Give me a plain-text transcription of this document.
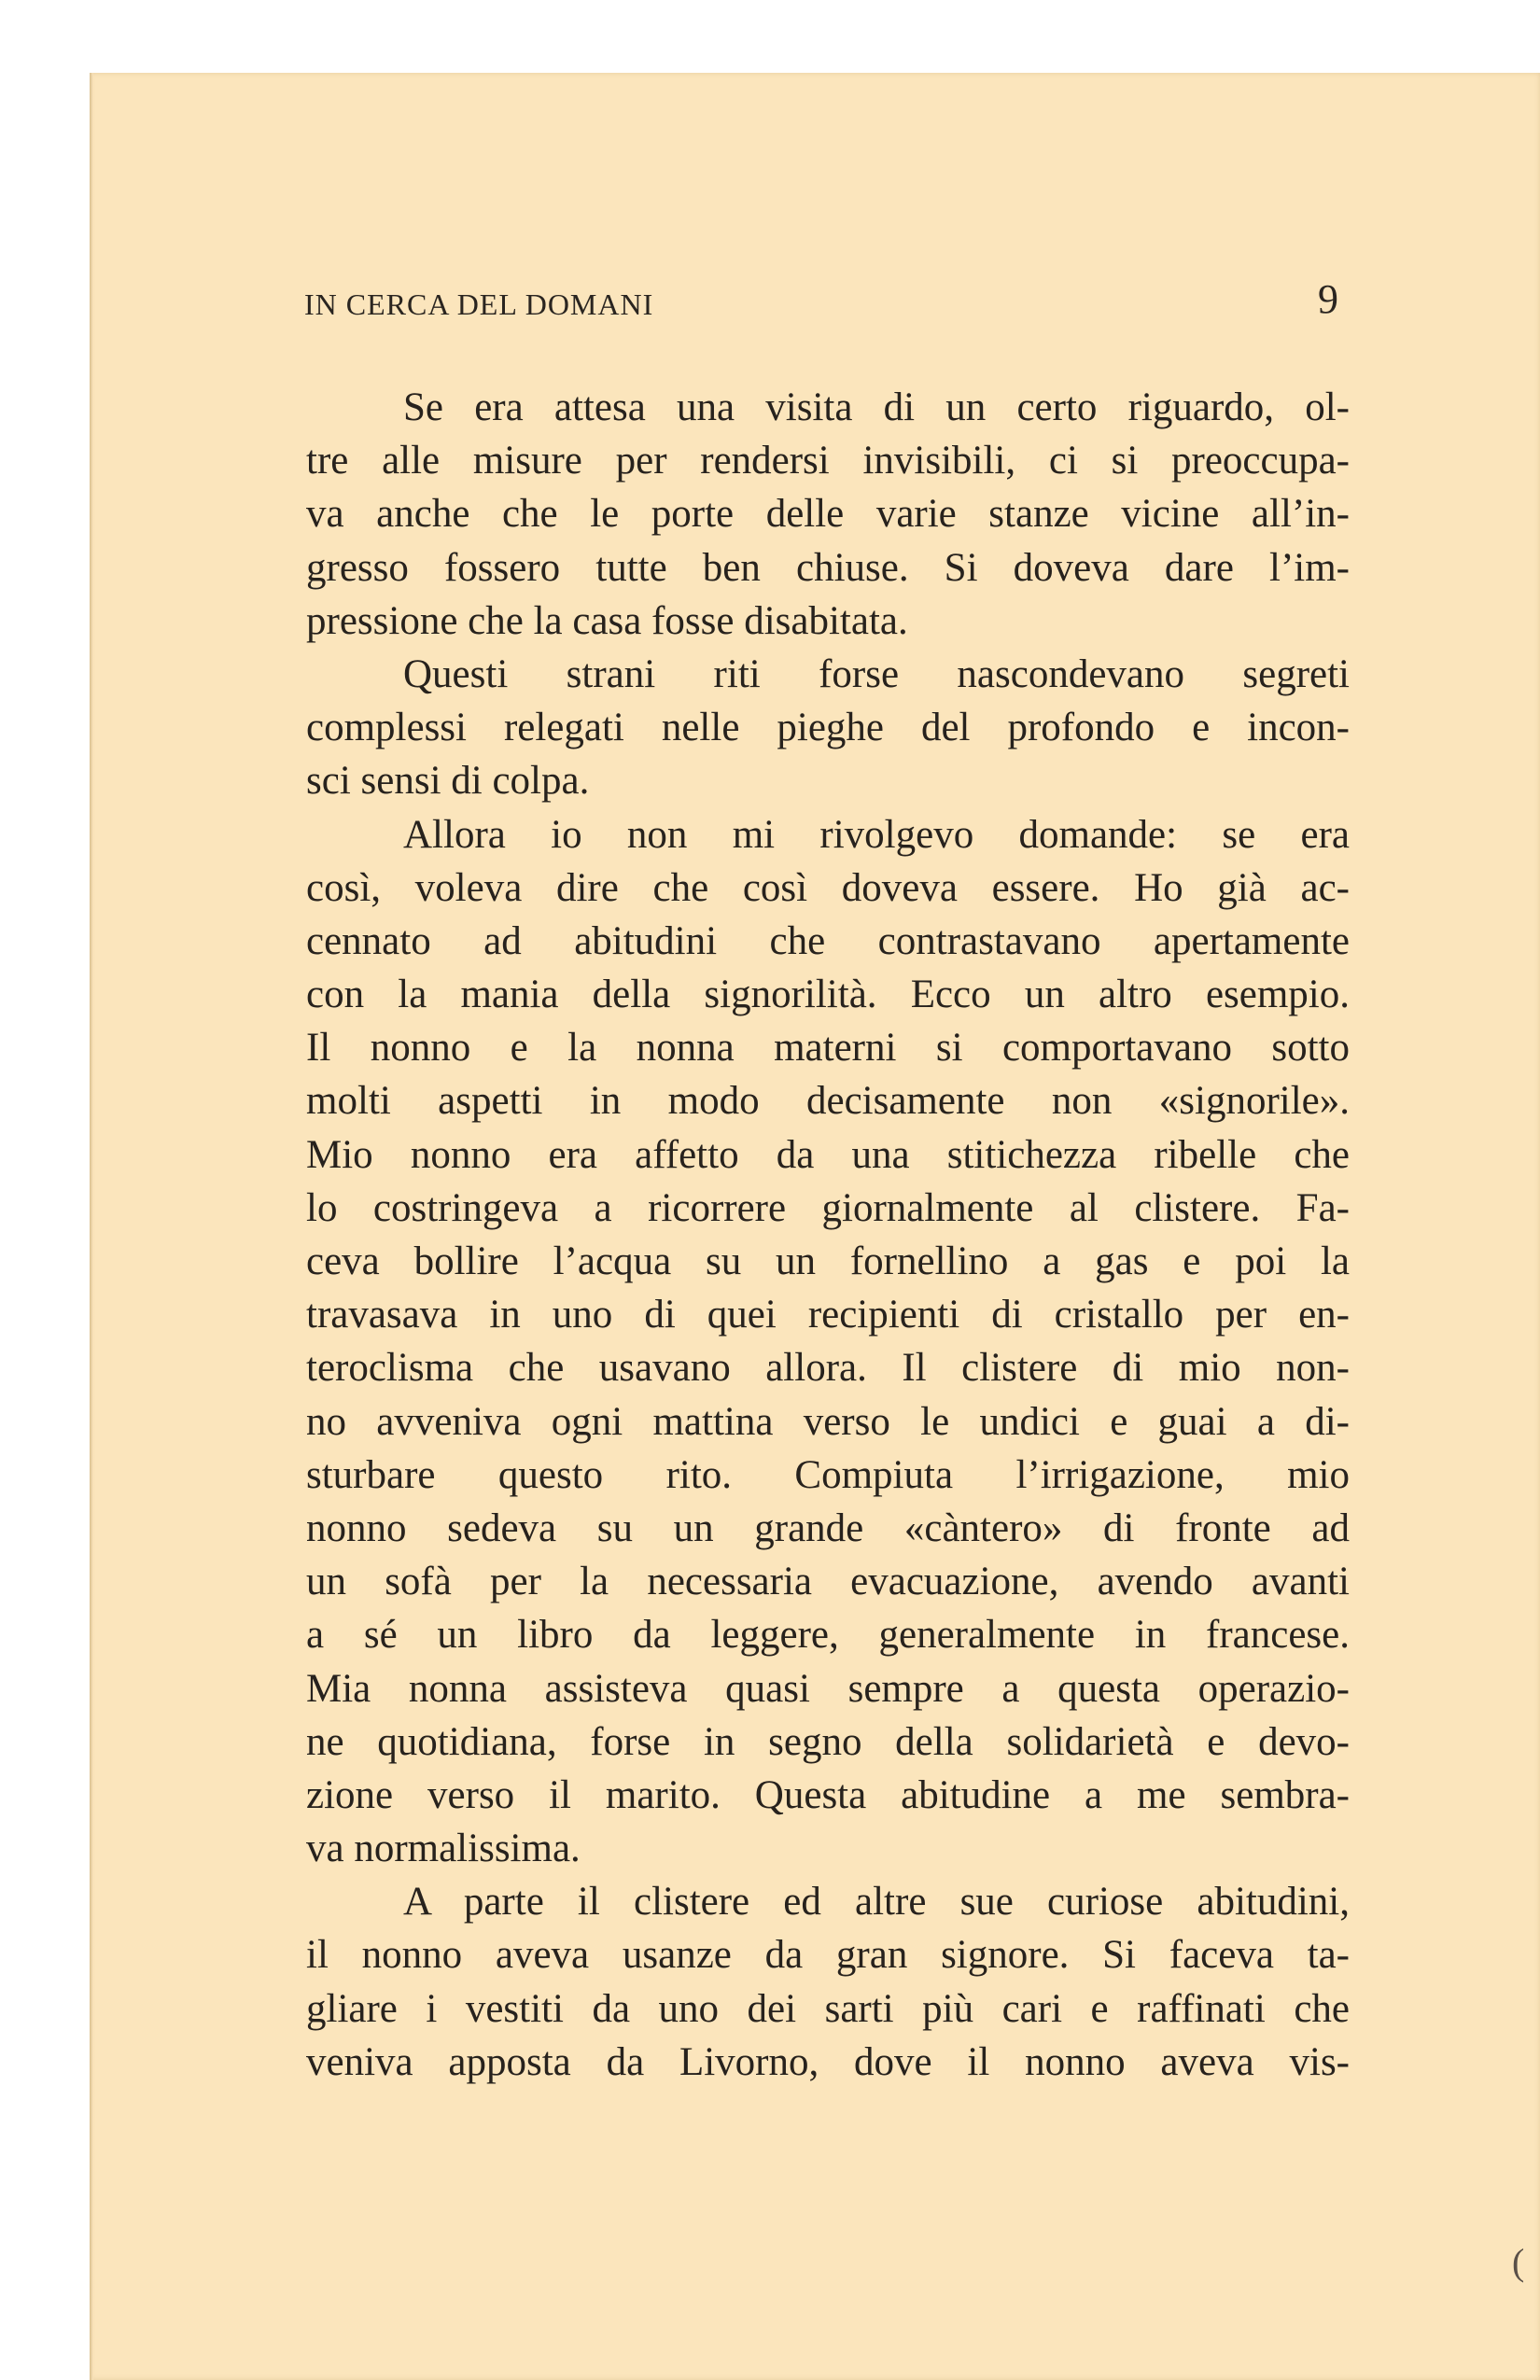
IN CERCA DEL DOMANI	9
Se era attesa una visita di un certo riguardo, ol-
tre alle misure per rendersi invisibili, ci si preoccupa-
va anche che le porte delle varie stanze vicine all’in-
gresso fossero tutte ben chiuse. Si doveva dare l’im-
pressione che la casa fosse disabitata.
Questi strani riti forse nascondevano segreti
complessi relegati nelle pieghe del profondo e incon-
sci sensi di colpa.
Allora io non mi rivolgevo domande: se era
così, voleva dire che così doveva essere. Ho già ac-
cennato ad abitudini che contrastavano apertamente
con la mania della signorilità. Ecco un altro esempio.
Il nonno e la nonna materni si comportavano sotto
molti aspetti in modo decisamente non «signorile».
Mio nonno era affetto da una stitichezza ribelle che
lo costringeva a ricorrere giornalmente al clistere. Fa-
ceva bollire l’acqua su un fornellino a gas e poi la
travasava in uno di quei recipienti di cristallo per en-
teroclisma che usavano allora. Il clistere di mio non-
no avveniva ogni mattina verso le undici e guai a di-
sturbare questo rito. Compiuta l’irrigazione, mio
nonno sedeva su un grande «càntero» di fronte ad
un sofà per la necessaria evacuazione, avendo avanti
a sé un libro da leggere, generalmente in francese.
Mia nonna assisteva quasi sempre a questa operazio-
ne quotidiana, forse in segno della solidarietà e devo-
zione verso il marito. Questa abitudine a me sembra-
va normalissima.
A parte il clistere ed altre sue curiose abitudini,
il nonno aveva usanze da gran signore. Si faceva ta-
gliare i vestiti da uno dei sarti più cari e raffinati che
veniva apposta da Livorno, dove il nonno aveva vis-
(
